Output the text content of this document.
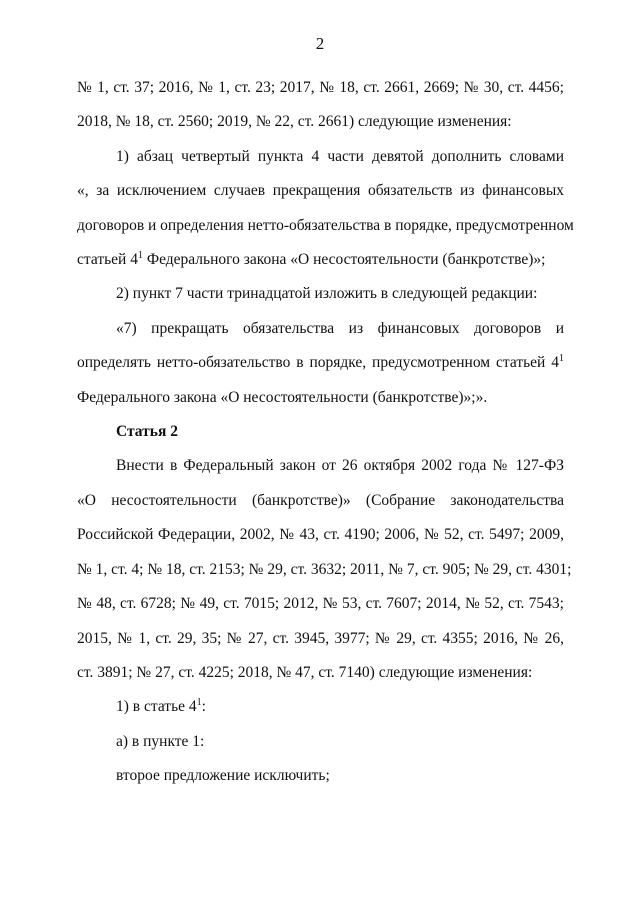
2
№ 1, ст. 37; 2016, № 1, ст. 23; 2017, № 18, ст. 2661, 2669; № 30, ст. 4456;
2018, № 18, ст. 2560; 2019, № 22, ст. 2661) следующие изменения:
1) абзац четвертый пункта 4 части девятой дополнить словами
«, за исключением случаев прекращения обязательств из финансовых
договоров и определения нетто-обязательства в порядке, предусмотренном
статьей $4^1$ Федерального закона «О несостоятельности (банкротстве)»;
2) пункт 7 части тринадцатой изложить в следующей редакции:
«7) прекращать обязательства из финансовых договоров и
определять нетто-обязательство в порядке, предусмотренном статьей $4^1$
Федерального закона «О несостоятельности (банкротстве)»;».
Статья 2
Внести в Федеральный закон от 26 октября 2002 года № 127-ФЗ
«О несостоятельности (банкротстве)» (Собрание законодательства
Российской Федерации, 2002, № 43, ст. 4190; 2006, № 52, ст. 5497; 2009,
№ 1, ст. 4; № 18, ст. 2153; № 29, ст. 3632; 2011, № 7, ст. 905; № 29, ст. 4301;
№ 48, ст. 6728; № 49, ст. 7015; 2012, № 53, ст. 7607; 2014, № 52, ст. 7543;
2015, № 1, ст. 29, 35; № 27, ст. 3945, 3977; № 29, ст. 4355; 2016, № 26,
ст. 3891; № 27, ст. 4225; 2018, № 47, ст. 7140) следующие изменения:
1) в статье $4^1$:
а) в пункте 1:
второе предложение исключить;
